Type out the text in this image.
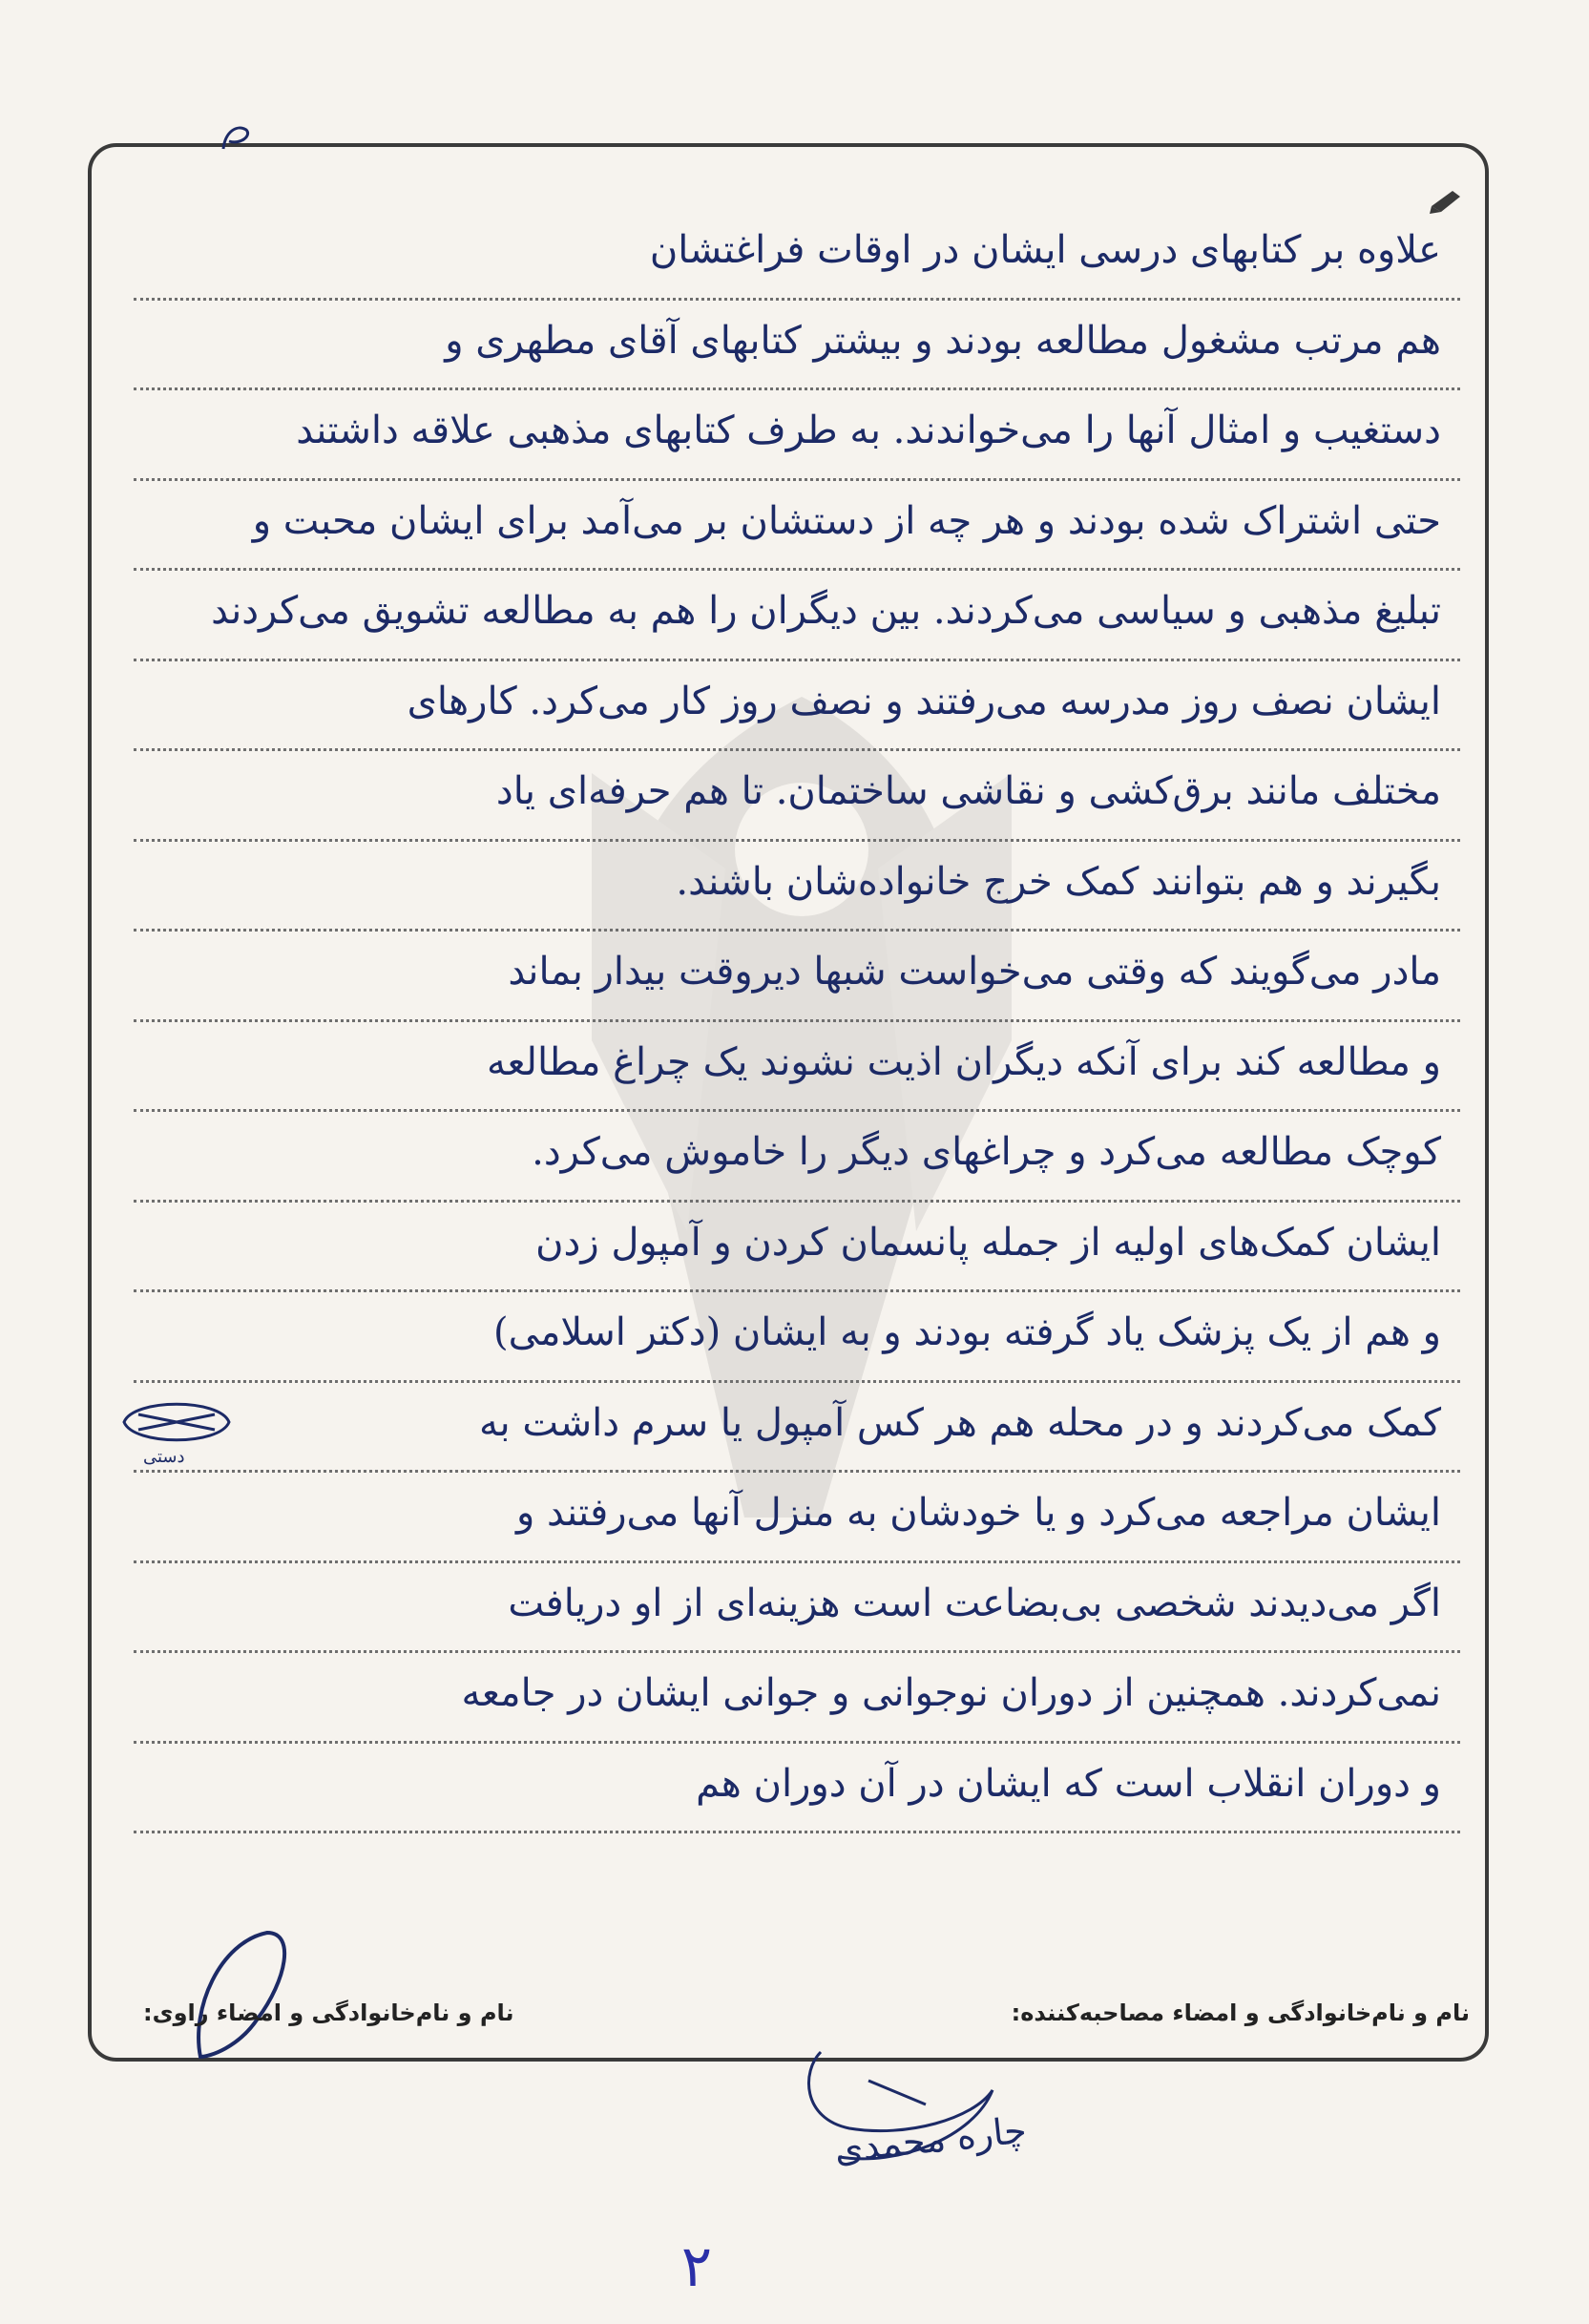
علاوه بر کتابهای درسی ایشان در اوقات فراغتشان
هم مرتب مشغول مطالعه بودند و بیشتر کتابهای آقای مطهری و
دستغیب و امثال آنها را می‌خواندند. به طرف کتابهای مذهبی علاقه داشتند
حتی اشتراک شده بودند و هر چه از دستشان بر می‌آمد برای ایشان محبت و
تبلیغ مذهبی و سیاسی می‌کردند. بین دیگران را هم به مطالعه تشویق می‌کردند
ایشان نصف روز مدرسه می‌رفتند و نصف روز کار می‌کرد. کارهای
مختلف مانند برق‌کشی و نقاشی ساختمان. تا هم حرفه‌ای یاد
بگیرند و هم بتوانند کمک خرج خانواده‌شان باشند.
مادر می‌گویند که وقتی می‌خواست شبها دیروقت بیدار بماند
و مطالعه کند برای آنکه دیگران اذیت نشوند یک چراغ مطالعه
کوچک مطالعه می‌کرد و چراغهای دیگر را خاموش می‌کرد.
ایشان کمک‌های اولیه از جمله پانسمان کردن و آمپول زدن
و هم از یک پزشک یاد گرفته بودند و به ایشان (دکتر اسلامی)
کمک می‌کردند و در محله هم هر کس آمپول یا سرم داشت به
ایشان مراجعه می‌کرد و یا خودشان به منزل آنها می‌رفتند و
اگر می‌دیدند شخصی بی‌بضاعت است هزینه‌ای از او دریافت
نمی‌کردند. همچنین از دوران نوجوانی و جوانی ایشان در جامعه
و دوران انقلاب است که ایشان در آن دوران هم
دستی
نام و نام‌خانوادگی و امضاء مصاحبه‌کننده:
نام و نام‌خانوادگی و امضاء راوی:
چاره محمدی
۲
